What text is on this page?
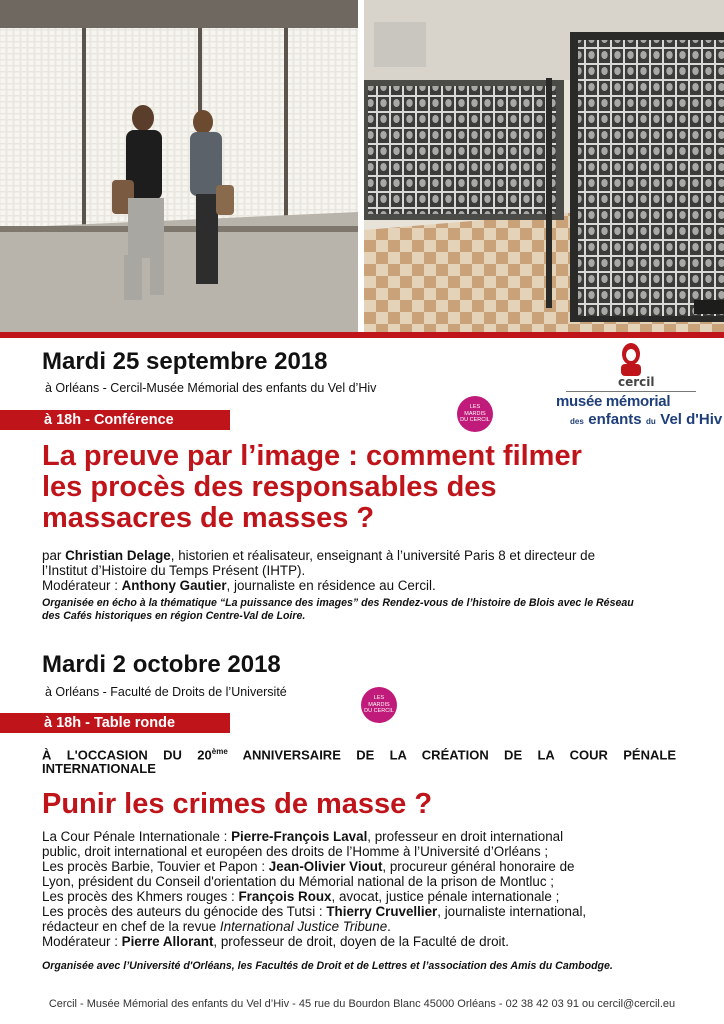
Mardi 25 septembre 2018
à Orléans - Cercil-Musée Mémorial des enfants du Vel d’Hiv	cercil
musée mémorial
des enfants du Vel d'Hiv
LES
MARDIS
DU CERCIL
à 18h - Conférence
La preuve par l’image : comment filmer
les procès des responsables des
massacres de masses ?
par Christian Delage, historien et réalisateur, enseignant à l’université Paris 8 et directeur de
l’Institut d’Histoire du Temps Présent (IHTP).
Modérateur : Anthony Gautier, journaliste en résidence au Cercil.
Organisée en écho à la thématique “La puissance des images” des Rendez-vous de l’histoire de Blois avec le Réseau
des Cafés historiques en région Centre-Val de Loire.
Mardi 2 octobre 2018
à Orléans - Faculté de Droits de l’Université	LES
MARDIS
DU CERCIL
à 18h - Table ronde
À L'OCCASION DU 20ème ANNIVERSAIRE DE LA CRÉATION DE LA COUR PÉNALE
INTERNATIONALE
Punir les crimes de masse ?
La Cour Pénale Internationale : Pierre-François Laval, professeur en droit international
public, droit international et européen des droits de l’Homme à l’Université d’Orléans ;
Les procès Barbie, Touvier et Papon : Jean-Olivier Viout, procureur général honoraire de
Lyon, président du Conseil d'orientation du Mémorial national de la prison de Montluc ;
Les procès des Khmers rouges : François Roux, avocat, justice pénale internationale ;
Les procès des auteurs du génocide des Tutsi : Thierry Cruvellier, journaliste international,
rédacteur en chef de la revue International Justice Tribune.
Modérateur : Pierre Allorant, professeur de droit, doyen de la Faculté de droit.
Organisée avec l’Université d'Orléans, les Facultés de Droit et de Lettres et l’association des Amis du Cambodge.
Cercil - Musée Mémorial des enfants du Vel d’Hiv - 45 rue du Bourdon Blanc 45000 Orléans - 02 38 42 03 91 ou cercil@cercil.eu
